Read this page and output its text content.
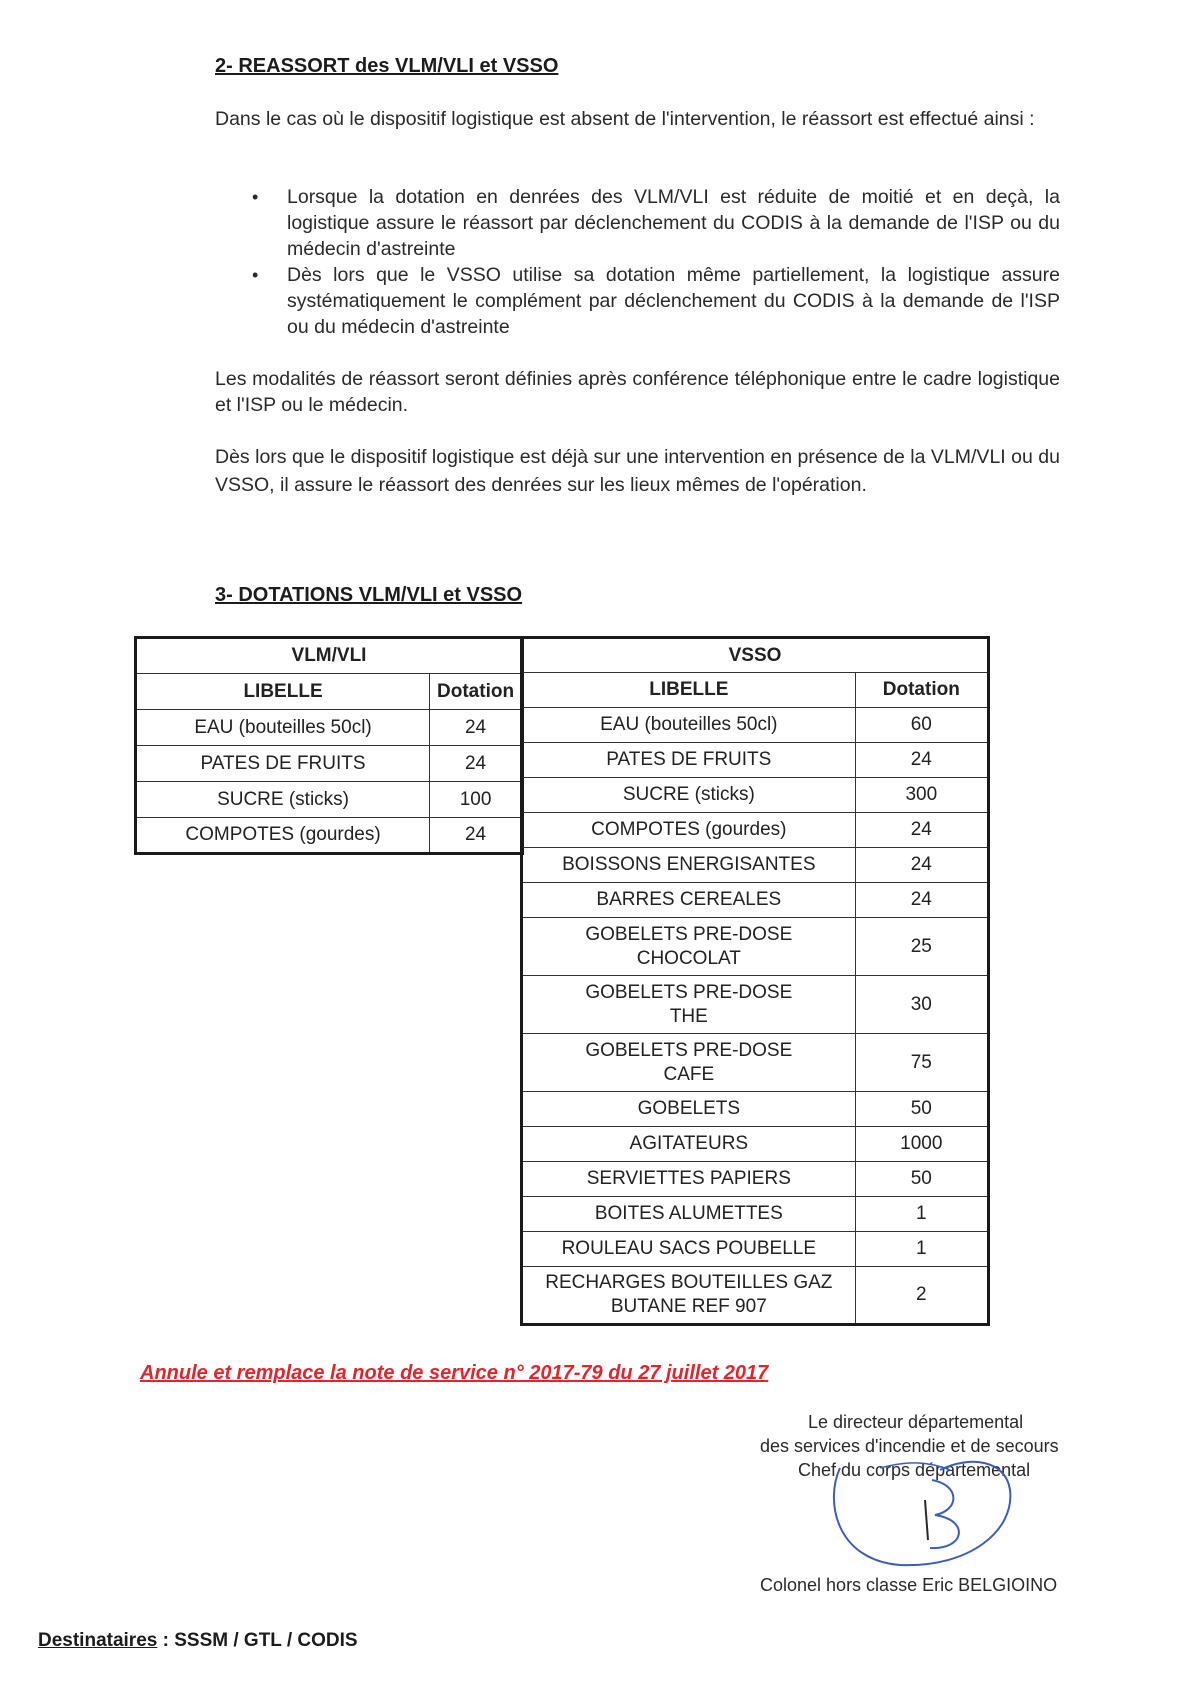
2- REASSORT des VLM/VLI et VSSO

Dans le cas où le dispositif logistique est absent de l'intervention, le réassort est effectué ainsi :

• Lorsque la dotation en denrées des VLM/VLI est réduite de moitié et en deçà, la logistique assure le réassort par déclenchement du CODIS à la demande de l'ISP ou du médecin d'astreinte
• Dès lors que le VSSO utilise sa dotation même partiellement, la logistique assure systématiquement le complément par déclenchement du CODIS à la demande de l'ISP ou du médecin d'astreinte

Les modalités de réassort seront définies après conférence téléphonique entre le cadre logistique et l'ISP ou le médecin.

Dès lors que le dispositif logistique est déjà sur une intervention en présence de la VLM/VLI ou du VSSO, il assure le réassort des denrées sur les lieux mêmes de l'opération.

3- DOTATIONS VLM/VLI et VSSO
VLM/VLI	
LIBELLE	Dotation
EAU (bouteilles 50cl)	24
PATES DE FRUITS	24
SUCRE (sticks)	100
COMPOTES (gourdes)	24
VSSO	
LIBELLE	Dotation
EAU (bouteilles 50cl)	60
PATES DE FRUITS	24
SUCRE (sticks)	300
COMPOTES (gourdes)	24
BOISSONS ENERGISANTES	24
BARRES CEREALES	24
GOBELETS PRE-DOSE
CHOCOLAT	25
GOBELETS PRE-DOSE
THE	30
GOBELETS PRE-DOSE
CAFE	75
GOBELETS	50
AGITATEURS	1000
SERVIETTES PAPIERS	50
BOITES ALUMETTES	1
ROULEAU SACS POUBELLE	1
RECHARGES BOUTEILLES GAZ
BUTANE REF 907	2

Annule et remplace la note de service n° 2017-79 du 27 juillet 2017

Le directeur départemental

des services d'incendie et de secours

Chef du corps départemental

Colonel hors classe Eric BELGIOINO

Destinataires : SSSM / GTL / CODIS
